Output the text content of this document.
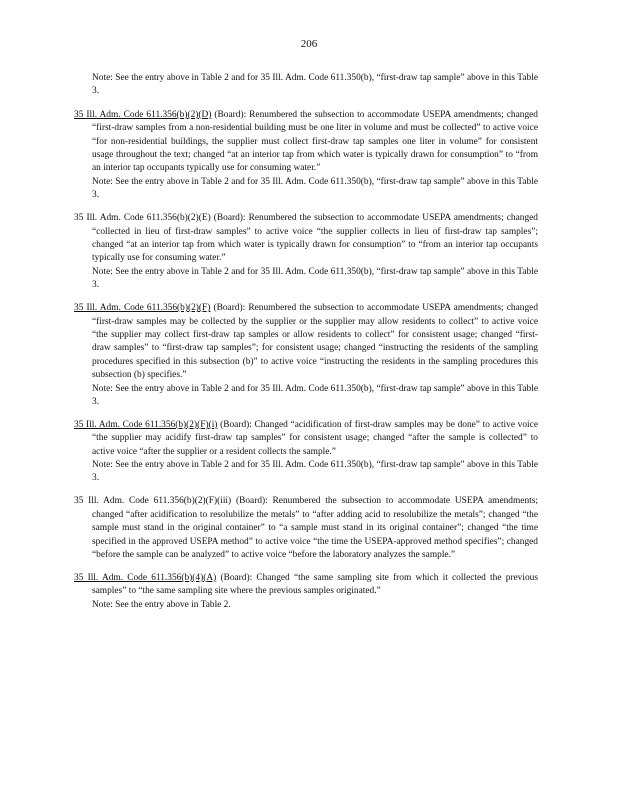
206
Note: See the entry above in Table 2 and for 35 Ill. Adm. Code 611.350(b), “first-draw tap sample” above in this Table 3.
35 Ill. Adm. Code 611.356(b)(2)(D) (Board): Renumbered the subsection to accommodate USEPA amendments; changed “first-draw samples from a non-residential building must be one liter in volume and must be collected” to active voice “for non-residential buildings, the supplier must collect first-draw tap samples one liter in volume” for consistent usage throughout the text; changed “at an interior tap from which water is typically drawn for consumption” to “from an interior tap occupants typically use for consuming water.”
Note: See the entry above in Table 2 and for 35 Ill. Adm. Code 611.350(b), “first-draw tap sample” above in this Table 3.
35 Ill. Adm. Code 611.356(b)(2)(E) (Board): Renumbered the subsection to accommodate USEPA amendments; changed “collected in lieu of first-draw samples” to active voice “the supplier collects in lieu of first-draw tap samples”; changed “at an interior tap from which water is typically drawn for consumption” to “from an interior tap occupants typically use for consuming water.”
Note: See the entry above in Table 2 and for 35 Ill. Adm. Code 611.350(b), “first-draw tap sample” above in this Table 3.
35 Ill. Adm. Code 611.356(b)(2)(F) (Board): Renumbered the subsection to accommodate USEPA amendments; changed “first-draw samples may be collected by the supplier or the supplier may allow residents to collect” to active voice “the supplier may collect first-draw tap samples or allow residents to collect” for consistent usage; changed “first-draw samples” to “first-draw tap samples”; for consistent usage; changed “instructing the residents of the sampling procedures specified in this subsection (b)” to active voice “instructing the residents in the sampling procedures this subsection (b) specifies.”
Note: See the entry above in Table 2 and for 35 Ill. Adm. Code 611.350(b), “first-draw tap sample” above in this Table 3.
35 Ill. Adm. Code 611.356(b)(2)(F)(i) (Board): Changed “acidification of first-draw samples may be done” to active voice “the supplier may acidify first-draw tap samples” for consistent usage; changed “after the sample is collected” to active voice “after the supplier or a resident collects the sample.”
Note: See the entry above in Table 2 and for 35 Ill. Adm. Code 611.350(b), “first-draw tap sample” above in this Table 3.
35 Ill. Adm. Code 611.356(b)(2)(F)(iii) (Board): Renumbered the subsection to accommodate USEPA amendments; changed “after acidification to resolubilize the metals” to “after adding acid to resolubilize the metals”; changed “the sample must stand in the original container” to “a sample must stand in its original container”; changed “the time specified in the approved USEPA method” to active voice “the time the USEPA-approved method specifies”; changed “before the sample can be analyzed” to active voice “before the laboratory analyzes the sample.”
35 Ill. Adm. Code 611.356(b)(4)(A) (Board): Changed “the same sampling site from which it collected the previous samples” to “the same sampling site where the previous samples originated.”
Note: See the entry above in Table 2.
